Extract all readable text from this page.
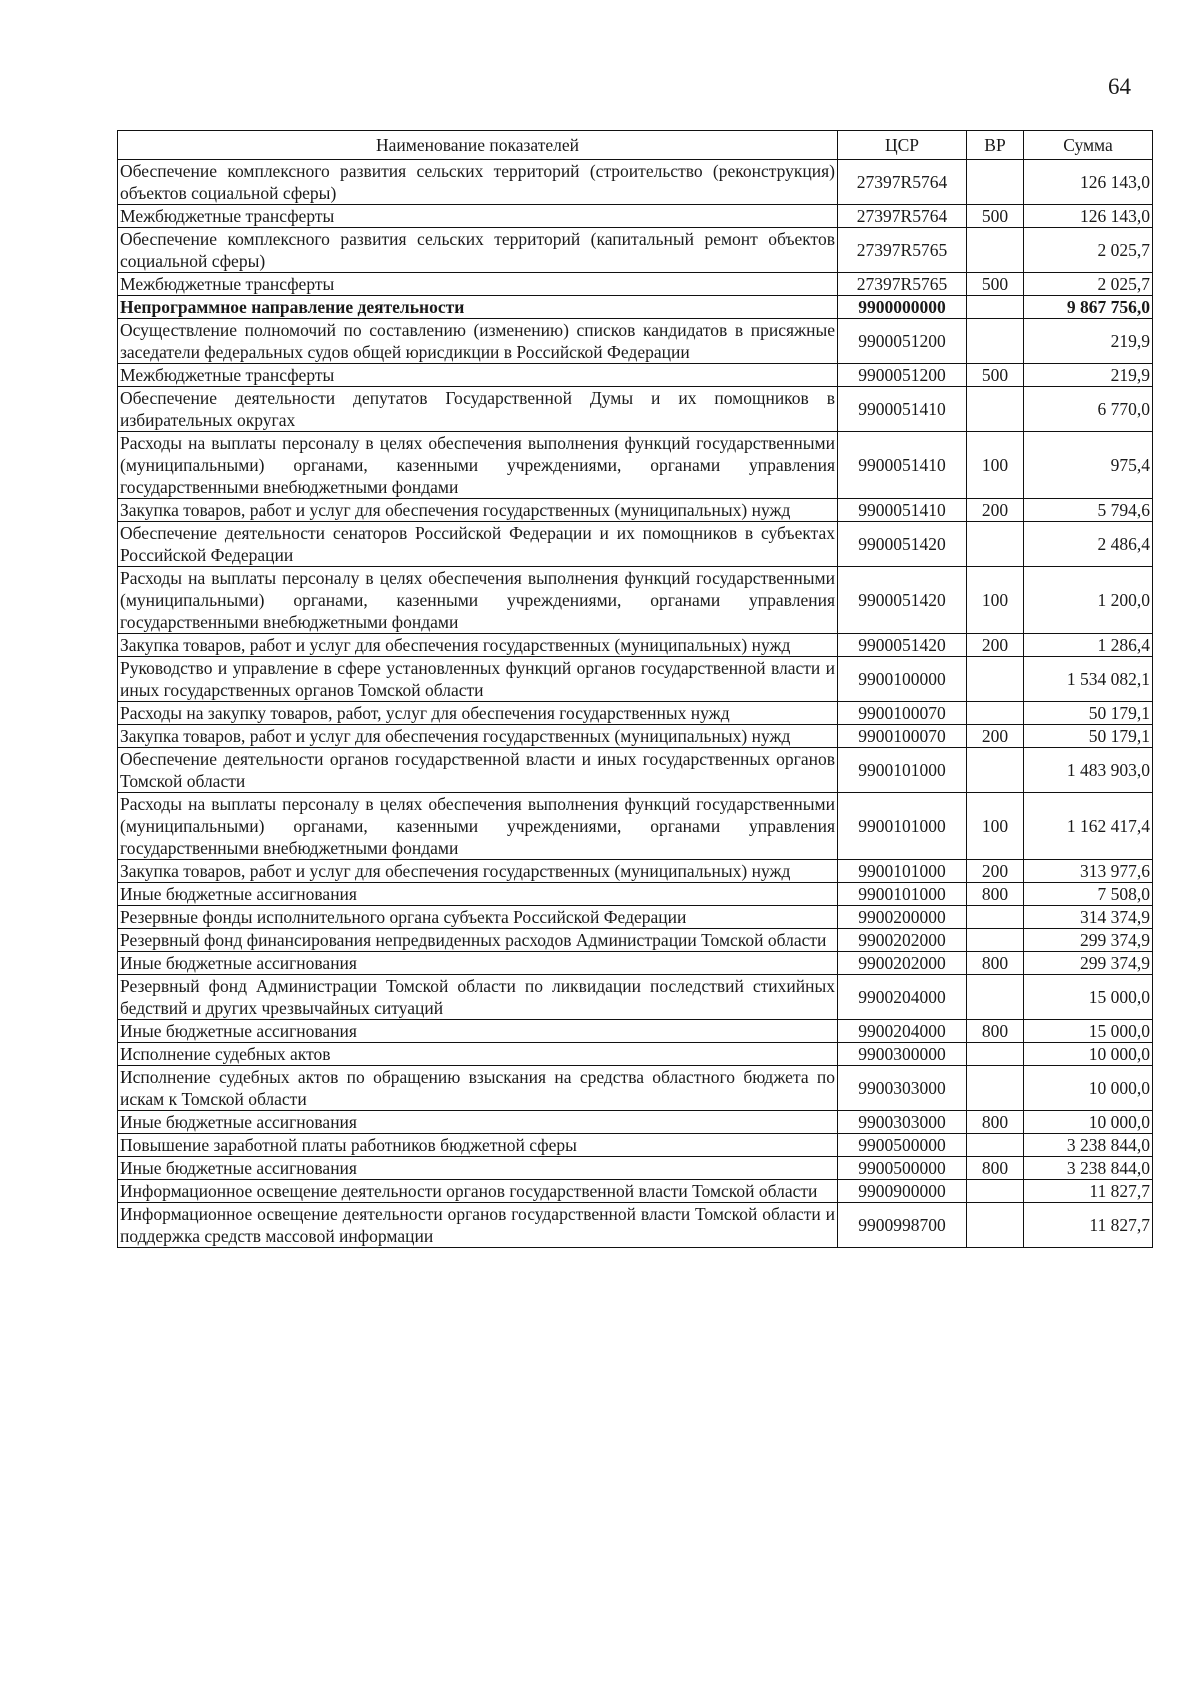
64
Наименование показателей	ЦСР	ВР	Сумма
Обеспечение комплексного развития сельских территорий (строительство (реконструкция) объектов социальной сферы)	27397R5764		126 143,0
Межбюджетные трансферты	27397R5764	500	126 143,0
Обеспечение комплексного развития сельских территорий (капитальный ремонт объектов социальной сферы)	27397R5765		2 025,7
Межбюджетные трансферты	27397R5765	500	2 025,7
Непрограммное направление деятельности	9900000000		9 867 756,0
Осуществление полномочий по составлению (изменению) списков кандидатов в присяжные заседатели федеральных судов общей юрисдикции в Российской Федерации	9900051200		219,9
Межбюджетные трансферты	9900051200	500	219,9
Обеспечение деятельности депутатов Государственной Думы и их помощников в избирательных округах	9900051410		6 770,0
Расходы на выплаты персоналу в целях обеспечения выполнения функций государственными (муниципальными) органами, казенными учреждениями, органами управления государственными внебюджетными фондами	9900051410	100	975,4
Закупка товаров, работ и услуг для обеспечения государственных (муниципальных) нужд	9900051410	200	5 794,6
Обеспечение деятельности сенаторов Российской Федерации и их помощников в субъектах Российской Федерации	9900051420		2 486,4
Расходы на выплаты персоналу в целях обеспечения выполнения функций государственными (муниципальными) органами, казенными учреждениями, органами управления государственными внебюджетными фондами	9900051420	100	1 200,0
Закупка товаров, работ и услуг для обеспечения государственных (муниципальных) нужд	9900051420	200	1 286,4
Руководство и управление в сфере установленных функций органов государственной власти и иных государственных органов Томской области	9900100000		1 534 082,1
Расходы на закупку товаров, работ, услуг для обеспечения государственных нужд	9900100070		50 179,1
Закупка товаров, работ и услуг для обеспечения государственных (муниципальных) нужд	9900100070	200	50 179,1
Обеспечение деятельности органов государственной власти и иных государственных органов Томской области	9900101000		1 483 903,0
Расходы на выплаты персоналу в целях обеспечения выполнения функций государственными (муниципальными) органами, казенными учреждениями, органами управления государственными внебюджетными фондами	9900101000	100	1 162 417,4
Закупка товаров, работ и услуг для обеспечения государственных (муниципальных) нужд	9900101000	200	313 977,6
Иные бюджетные ассигнования	9900101000	800	7 508,0
Резервные фонды исполнительного органа субъекта Российской Федерации	9900200000		314 374,9
Резервный фонд финансирования непредвиденных расходов Администрации Томской области	9900202000		299 374,9
Иные бюджетные ассигнования	9900202000	800	299 374,9
Резервный фонд Администрации Томской области по ликвидации последствий стихийных бедствий и других чрезвычайных ситуаций	9900204000		15 000,0
Иные бюджетные ассигнования	9900204000	800	15 000,0
Исполнение судебных актов	9900300000		10 000,0
Исполнение судебных актов по обращению взыскания на средства областного бюджета по искам к Томской области	9900303000		10 000,0
Иные бюджетные ассигнования	9900303000	800	10 000,0
Повышение заработной платы работников бюджетной сферы	9900500000		3 238 844,0
Иные бюджетные ассигнования	9900500000	800	3 238 844,0
Информационное освещение деятельности органов государственной власти Томской области	9900900000		11 827,7
Информационное освещение деятельности органов государственной власти Томской области и поддержка средств массовой информации	9900998700		11 827,7
